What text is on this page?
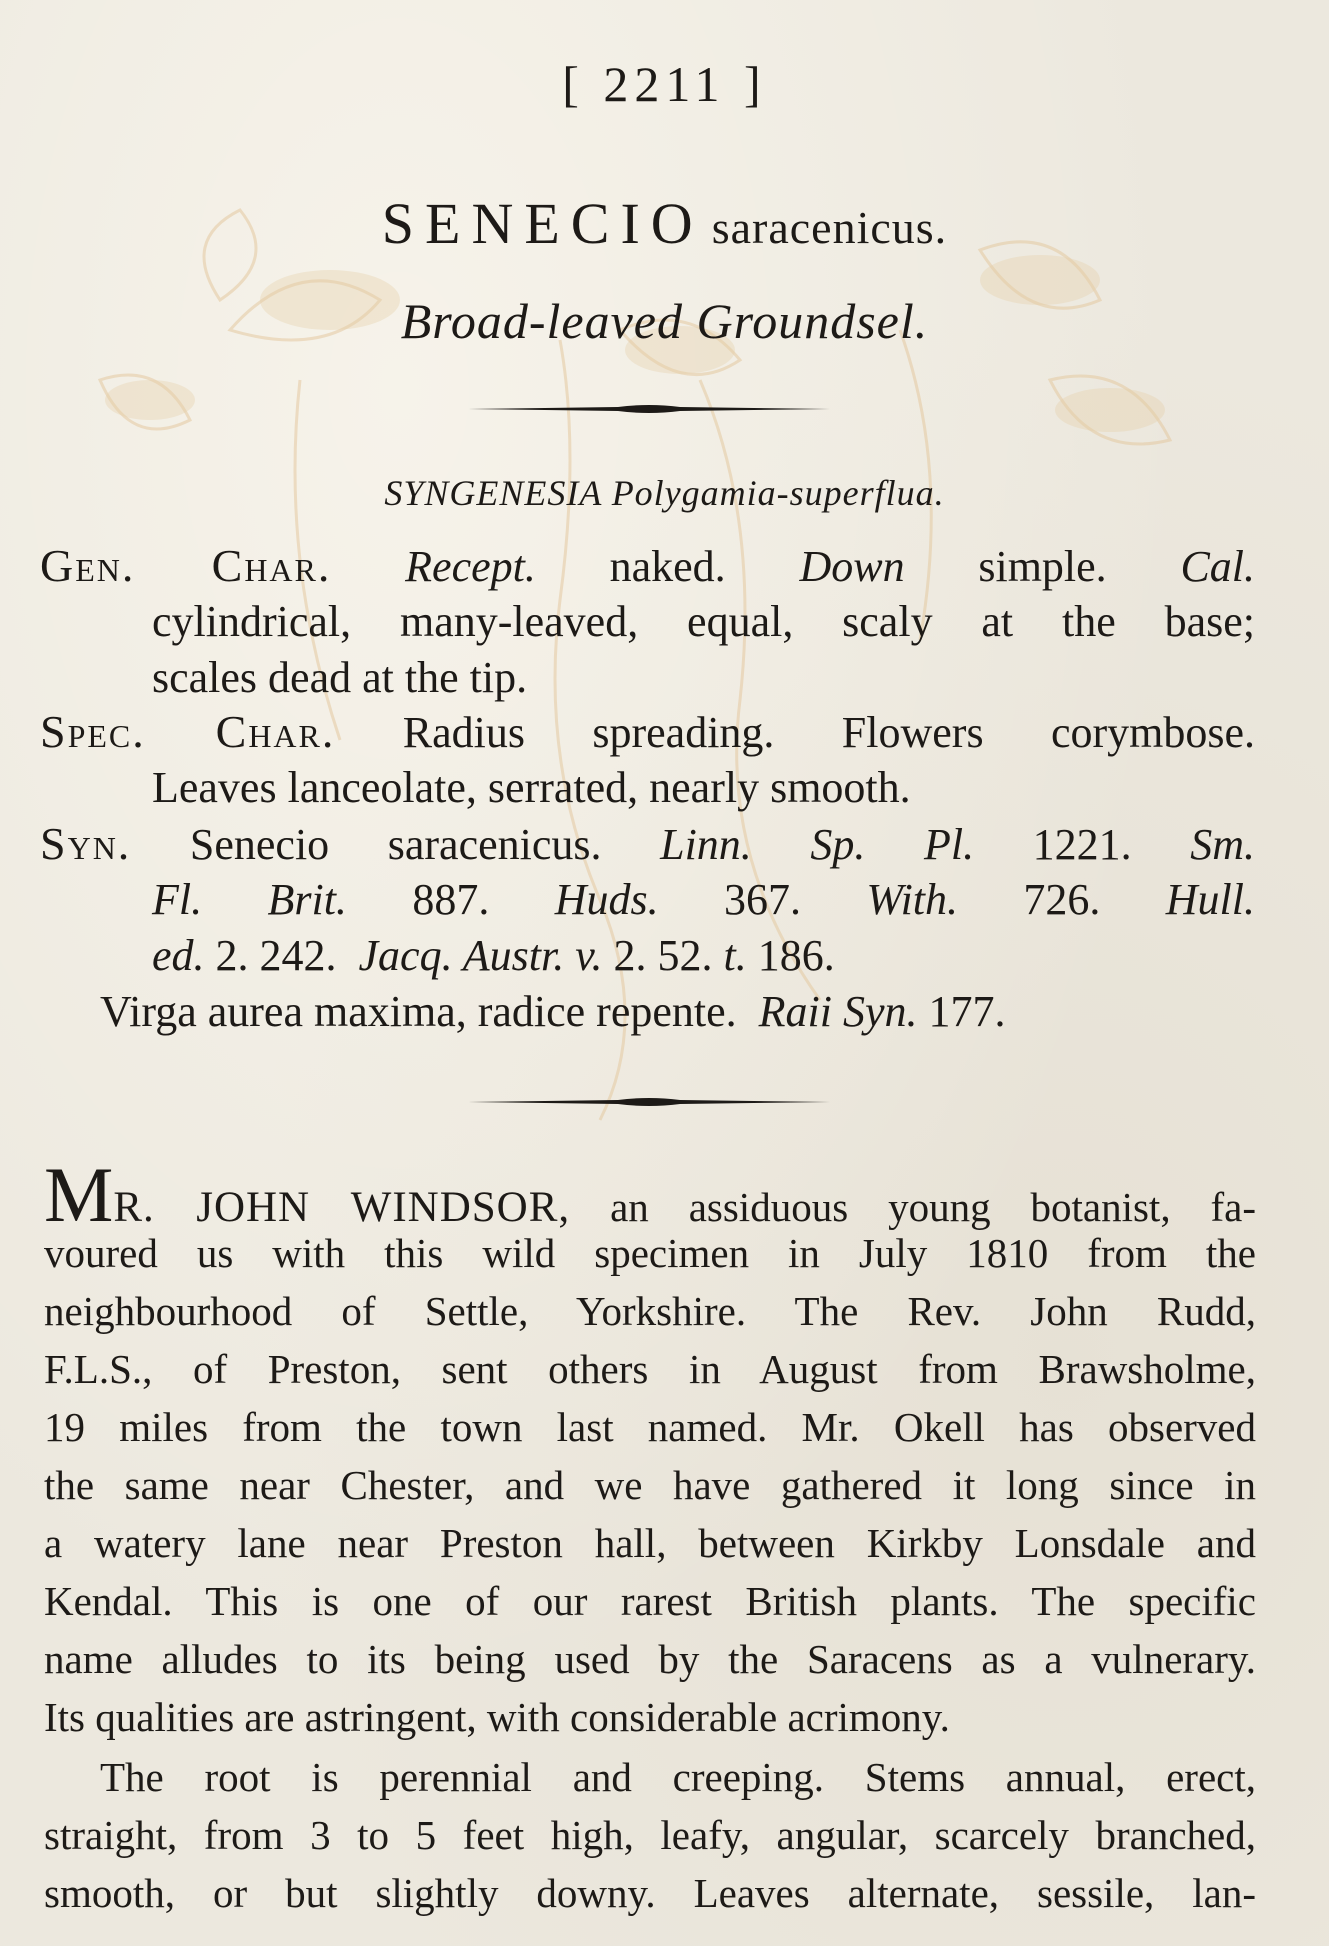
[ 2211 ]
SENECIO saracenicus.
Broad-leaved Groundsel.
SYNGENESIA Polygamia-superflua.
Gen. Char. Recept. naked. Down simple. Cal.
cylindrical, many-leaved, equal, scaly at the base;
scales dead at the tip.
Spec. Char. Radius spreading. Flowers corymbose.
Leaves lanceolate, serrated, nearly smooth.
Syn. Senecio saracenicus. Linn. Sp. Pl. 1221. Sm.
Fl. Brit. 887. Huds. 367. With. 726. Hull.
ed. 2. 242. Jacq. Austr. v. 2. 52. t. 186.
Virga aurea maxima, radice repente. Raii Syn. 177.
MR. JOHN WINDSOR, an assiduous young botanist, fa-
voured us with this wild specimen in July 1810 from the
neighbourhood of Settle, Yorkshire. The Rev. John Rudd,
F.L.S., of Preston, sent others in August from Brawsholme,
19 miles from the town last named. Mr. Okell has observed
the same near Chester, and we have gathered it long since in
a watery lane near Preston hall, between Kirkby Lonsdale and
Kendal. This is one of our rarest British plants. The specific
name alludes to its being used by the Saracens as a vulnerary.
Its qualities are astringent, with considerable acrimony.
The root is perennial and creeping. Stems annual, erect,
straight, from 3 to 5 feet high, leafy, angular, scarcely branched,
smooth, or but slightly downy. Leaves alternate, sessile, lan-
